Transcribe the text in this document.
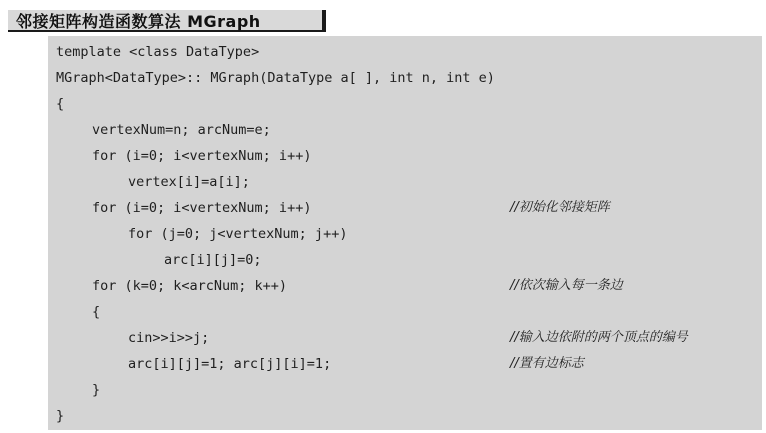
邻接矩阵构造函数算法 MGraph
template <class DataType>
MGraph<DataType>:: MGraph(DataType a[ ], int n, int e)
{
vertexNum=n; arcNum=e;
for (i=0; i<vertexNum; i++)
vertex[i]=a[i];
for (i=0; i<vertexNum; i++)	//初始化邻接矩阵
for (j=0; j<vertexNum; j++)
arc[i][j]=0;
for (k=0; k<arcNum; k++)	//依次输入每一条边
{
cin>>i>>j;	//输入边依附的两个顶点的编号
arc[i][j]=1; arc[j][i]=1;	//置有边标志
}
}
